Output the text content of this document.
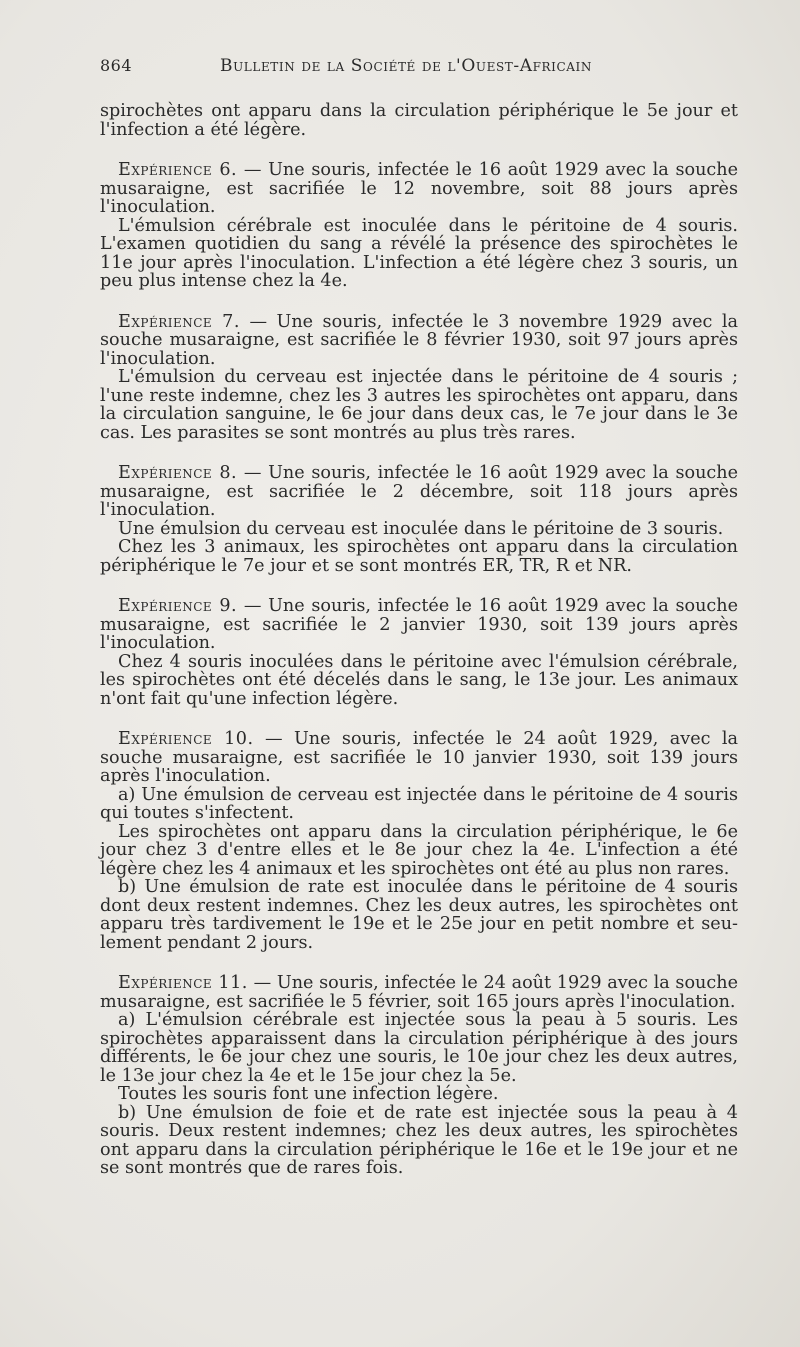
864	Bulletin de la Société de l'Ouest-Africain

spirochètes ont apparu dans la circulation périphérique le 5e jour et l'infection a été légère.

Expérience 6. — Une souris, infectée le 16 août 1929 avec la souche musaraigne, est sacrifiée le 12 novembre, soit 88 jours après l'inoculation.

L'émulsion cérébrale est inoculée dans le péritoine de 4 souris. L'examen quotidien du sang a révélé la présence des spirochètes le 11e jour après l'inoculation. L'infection a été légère chez 3 souris, un peu plus intense chez la 4e.

Expérience 7. — Une souris, infectée le 3 novembre 1929 avec la souche musaraigne, est sacrifiée le 8 février 1930, soit 97 jours après l'inoculation.

L'émulsion du cerveau est injectée dans le péritoine de 4 souris ; l'une reste indemne, chez les 3 autres les spirochètes ont apparu, dans la circulation sanguine, le 6e jour dans deux cas, le 7e jour dans le 3e cas. Les parasites se sont montrés au plus très rares.

Expérience 8. — Une souris, infectée le 16 août 1929 avec la souche musaraigne, est sacrifiée le 2 décembre, soit 118 jours après l'inoculation.

Une émulsion du cerveau est inoculée dans le péritoine de 3 souris.

Chez les 3 animaux, les spirochètes ont apparu dans la circulation périphérique le 7e jour et se sont montrés ER, TR, R et NR.

Expérience 9. — Une souris, infectée le 16 août 1929 avec la souche musaraigne, est sacrifiée le 2 janvier 1930, soit 139 jours après l'inoculation.

Chez 4 souris inoculées dans le péritoine avec l'émulsion cérébrale, les spirochètes ont été décelés dans le sang, le 13e jour. Les animaux n'ont fait qu'une infection légère.

Expérience 10. — Une souris, infectée le 24 août 1929, avec la souche musaraigne, est sacrifiée le 10 janvier 1930, soit 139 jours après l'inoculation.

a) Une émulsion de cerveau est injectée dans le péritoine de 4 souris qui toutes s'infectent.

Les spirochètes ont apparu dans la circulation périphérique, le 6e jour chez 3 d'entre elles et le 8e jour chez la 4e. L'infection a été légère chez les 4 animaux et les spirochètes ont été au plus non rares.

b) Une émulsion de rate est inoculée dans le péritoine de 4 souris dont deux restent indemnes. Chez les deux autres, les spirochètes ont apparu très tardivement le 19e et le 25e jour en petit nombre et seu-lement pendant 2 jours.

Expérience 11. — Une souris, infectée le 24 août 1929 avec la souche musaraigne, est sacrifiée le 5 février, soit 165 jours après l'inoculation.

a) L'émulsion cérébrale est injectée sous la peau à 5 souris. Les spirochètes apparaissent dans la circulation périphérique à des jours différents, le 6e jour chez une souris, le 10e jour chez les deux autres, le 13e jour chez la 4e et le 15e jour chez la 5e.

Toutes les souris font une infection légère.

b) Une émulsion de foie et de rate est injectée sous la peau à 4 souris. Deux restent indemnes; chez les deux autres, les spirochètes ont apparu dans la circulation périphérique le 16e et le 19e jour et ne se sont montrés que de rares fois.
